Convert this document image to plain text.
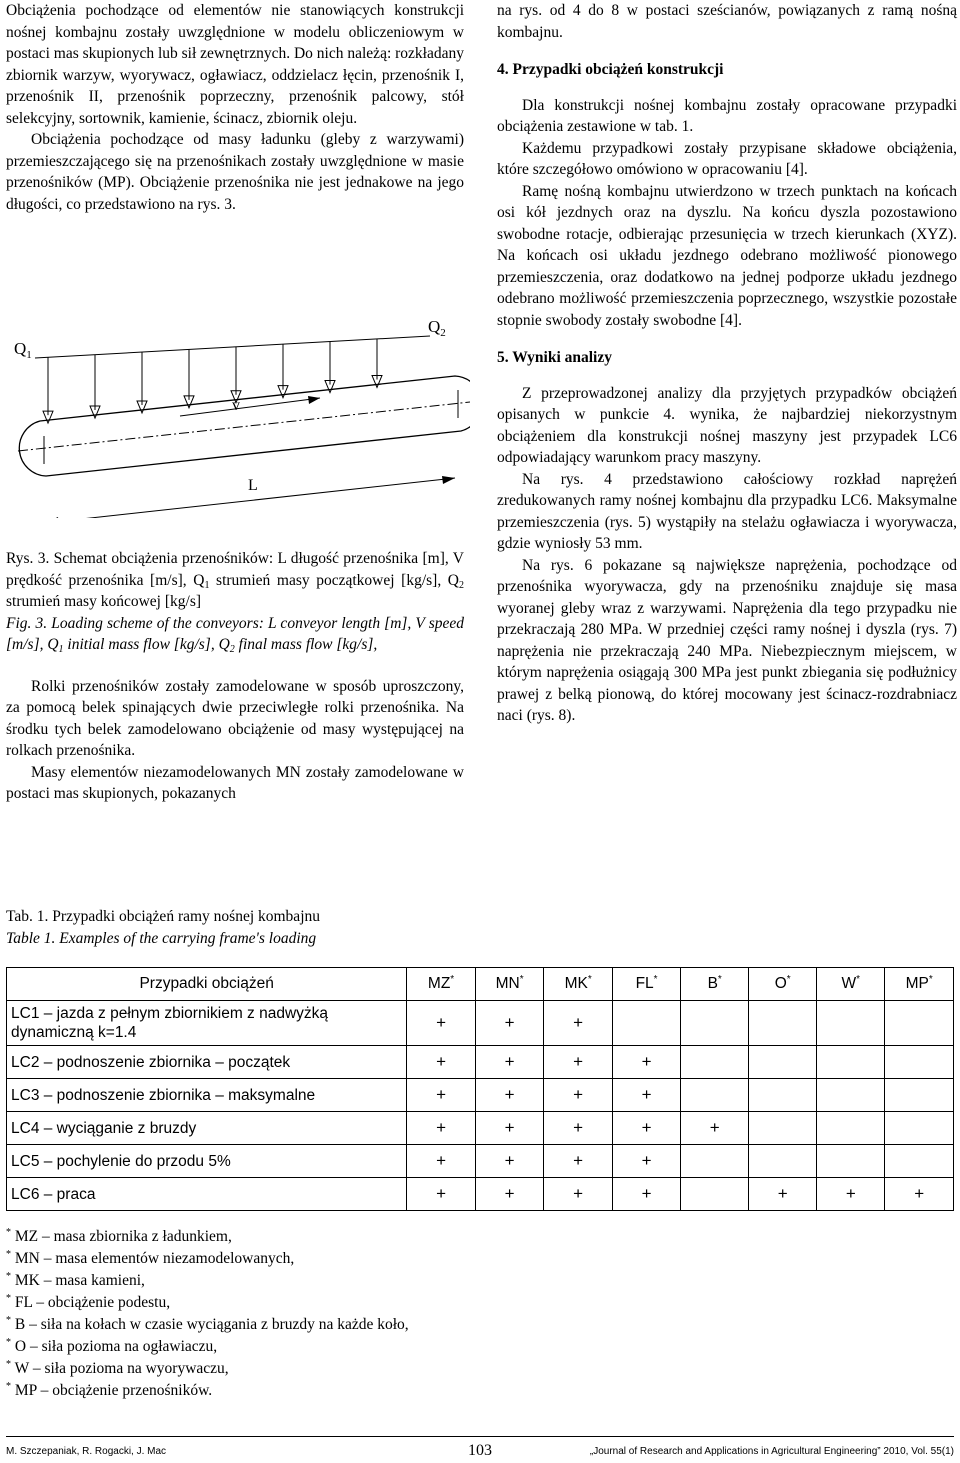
Obciążenia pochodzące od elementów nie stanowiących konstrukcji nośnej kombajnu zostały uwzględnione w modelu obliczeniowym w postaci mas skupionych lub sił zewnętrznych. Do nich należą: rozkładany zbiornik warzyw, wyorywacz, ogławiacz, oddzielacz łęcin, przenośnik I, przenośnik II, przenośnik poprzeczny, przenośnik palcowy, stół selekcyjny, sortownik, kamienie, ścinacz, zbiornik oleju.

Obciążenia pochodzące od masy ładunku (gleby z warzywami) przemieszczającego się na przenośnikach zostały uwzględnione w masie przenośników (MP). Obciążenie przenośnika nie jest jednakowe na jego długości, co przedstawiono na rys. 3.

$Q_1$
$Q_2$
v
L

Rys. 3. Schemat obciążenia przenośników: L długość przenośnika [m], V prędkość przenośnika [m/s], $Q_1$ strumień masy początkowej [kg/s], $Q_2$ strumień masy końcowej [kg/s]

Fig. 3. Loading scheme of the conveyors: L conveyor length [m], V speed [m/s], $Q_1$ initial mass flow [kg/s], $Q_2$ final mass flow [kg/s],

Rolki przenośników zostały zamodelowane w sposób uproszczony, za pomocą belek spinających dwie przeciwległe rolki przenośnika. Na środku tych belek zamodelowano obciążenie od masy występującej na rolkach przenośnika.

Masy elementów niezamodelowanych MN zostały zamodelowane w postaci mas skupionych, pokazanych

na rys. od 4 do 8 w postaci sześcianów, powiązanych z ramą nośną kombajnu.

4. Przypadki obciążeń konstrukcji

Dla konstrukcji nośnej kombajnu zostały opracowane przypadki obciążenia zestawione w tab. 1.

Każdemu przypadkowi zostały przypisane składowe obciążenia, które szczegółowo omówiono w opracowaniu [4].

Ramę nośną kombajnu utwierdzono w trzech punktach na końcach osi kół jezdnych oraz na dyszlu. Na końcu dyszla pozostawiono swobodne rotacje, odbierając przesunięcia w trzech kierunkach (XYZ). Na końcach osi układu jezdnego odebrano możliwość pionowego przemieszczenia, oraz dodatkowo na jednej podporze układu jezdnego odebrano możliwość przemieszczenia poprzecznego, wszystkie pozostałe stopnie swobody zostały swobodne [4].

5. Wyniki analizy

Z przeprowadzonej analizy dla przyjętych przypadków obciążeń opisanych w punkcie 4. wynika, że najbardziej niekorzystnym obciążeniem dla konstrukcji nośnej maszyny jest przypadek LC6 odpowiadający warunkom pracy maszyny.

Na rys. 4 przedstawiono całościowy rozkład naprężeń zredukowanych ramy nośnej kombajnu dla przypadku LC6. Maksymalne przemieszczenia (rys. 5) wystąpiły na stelażu ogławiacza i wyorywacza, gdzie wyniosły 53 mm.

Na rys. 6 pokazane są największe naprężenia, pochodzące od przenośnika wyorywacza, gdy na przenośniku znajduje się masa wyoranej gleby wraz z warzywami. Naprężenia dla tego przypadku nie przekraczają 280 MPa. W przedniej części ramy nośnej i dyszla (rys. 7) naprężenia nie przekraczają 240 MPa. Niebezpiecznym miejscem, w którym naprężenia osiągają 300 MPa jest punkt zbiegania się podłużnicy prawej z belką pionową, do której mocowany jest ścinacz-rozdrabniacz naci (rys. 8).

Tab. 1. Przypadki obciążeń ramy nośnej kombajnu
Table 1. Examples of the carrying frame's loading
Przypadki obciążeń	MZ*	MN*	MK*	FL*	B*	O*	W*	MP*
LC1 – jazda z pełnym zbiornikiem z nadwyżką dynamiczną k=1.4	+	+	+					
LC2 – podnoszenie zbiornika – początek	+	+	+	+				
LC3 – podnoszenie zbiornika – maksymalne	+	+	+	+				
LC4 – wyciąganie z bruzdy	+	+	+	+	+			
LC5 – pochylenie do przodu 5%	+	+	+	+				
LC6 – praca	+	+	+	+		+	+	+
* MZ – masa zbiornika z ładunkiem,
* MN – masa elementów niezamodelowanych,
* MK – masa kamieni,
* FL – obciążenie podestu,
* B – siła na kołach w czasie wyciągania z bruzdy na każde koło,
* O – siła pozioma na ogławiaczu,
* W – siła pozioma na wyorywaczu,
* MP – obciążenie przenośników.
M. Szczepaniak, R. Rogacki, J. Mac	103	„Journal of Research and Applications in Agricultural Engineering” 2010, Vol. 55(1)
